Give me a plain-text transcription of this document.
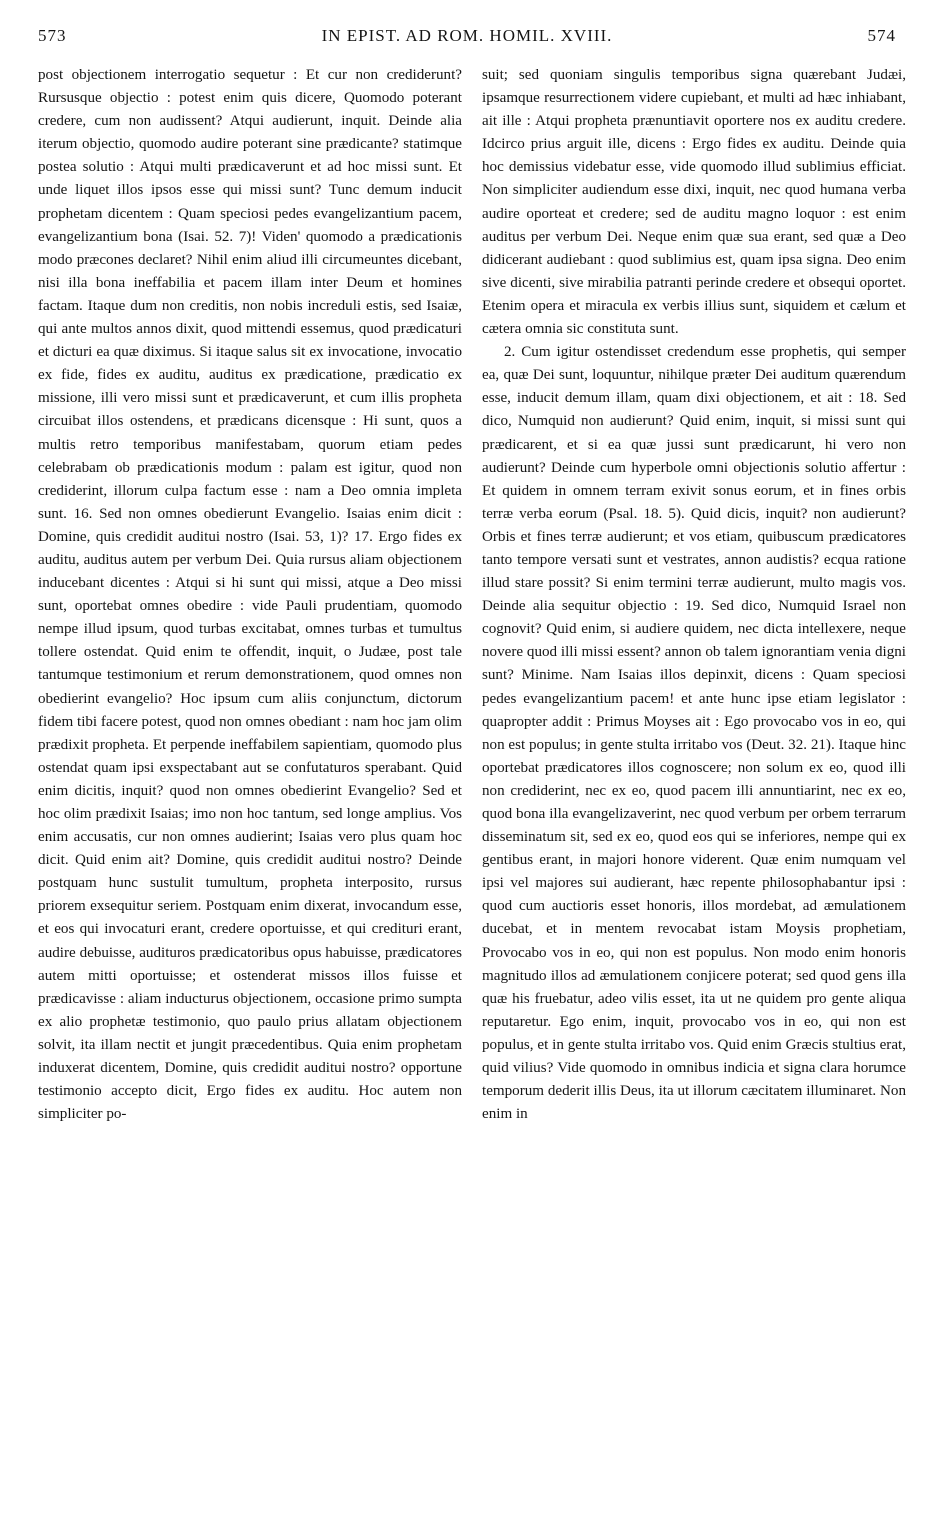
573	IN EPIST. AD ROM. HOMIL. XVIII.	574

post objectionem interrogatio sequetur : Et cur non crediderunt? Rursusque objectio : potest enim quis dicere, Quomodo poterant credere, cum non audissent? Atqui audierunt, inquit. Deinde alia iterum objectio, quomodo audire poterant sine prædicante? statimque postea solutio : Atqui multi prædicaverunt et ad hoc missi sunt. Et unde liquet illos ipsos esse qui missi sunt? Tunc demum inducit prophetam dicentem : Quam speciosi pedes evangelizantium pacem, evangelizantium bona (Isai. 52. 7)! Viden' quomodo a prædicationis modo præcones declaret? Nihil enim aliud illi circumeuntes dicebant, nisi illa bona ineffabilia et pacem illam inter Deum et homines factam. Itaque dum non creditis, non nobis increduli estis, sed Isaiæ, qui ante multos annos dixit, quod mittendi essemus, quod prædicaturi et dicturi ea quæ diximus. Si itaque salus sit ex invocatione, invocatio ex fide, fides ex auditu, auditus ex prædicatione, prædicatio ex missione, illi vero missi sunt et prædicaverunt, et cum illis propheta circuibat illos ostendens, et prædicans dicensque : Hi sunt, quos a multis retro temporibus manifestabam, quorum etiam pedes celebrabam ob prædicationis modum : palam est igitur, quod non crediderint, illorum culpa factum esse : nam a Deo omnia impleta sunt. 16. Sed non omnes obedierunt Evangelio. Isaias enim dicit : Domine, quis credidit auditui nostro (Isai. 53, 1)? 17. Ergo fides ex auditu, auditus autem per verbum Dei. Quia rursus aliam objectionem inducebant dicentes : Atqui si hi sunt qui missi, atque a Deo missi sunt, oportebat omnes obedire : vide Pauli prudentiam, quomodo nempe illud ipsum, quod turbas excitabat, omnes turbas et tumultus tollere ostendat. Quid enim te offendit, inquit, o Judæe, post tale tantumque testimonium et rerum demonstrationem, quod omnes non obedierint evangelio? Hoc ipsum cum aliis conjunctum, dictorum fidem tibi facere potest, quod non omnes obediant : nam hoc jam olim prædixit propheta. Et perpende ineffabilem sapientiam, quomodo plus ostendat quam ipsi exspectabant aut se confutaturos sperabant. Quid enim dicitis, inquit? quod non omnes obedierint Evangelio? Sed et hoc olim prædixit Isaias; imo non hoc tantum, sed longe amplius. Vos enim accusatis, cur non omnes audierint; Isaias vero plus quam hoc dicit. Quid enim ait? Domine, quis credidit auditui nostro? Deinde postquam hunc sustulit tumultum, propheta interposito, rursus priorem exsequitur seriem. Postquam enim dixerat, invocandum esse, et eos qui invocaturi erant, credere oportuisse, et qui credituri erant, audire debuisse, audituros prædicatoribus opus habuisse, prædicatores autem mitti oportuisse; et ostenderat missos illos fuisse et prædicavisse : aliam inducturus objectionem, occasione primo sumpta ex alio prophetæ testimonio, quo paulo prius allatam objectionem solvit, ita illam nectit et jungit præcedentibus. Quia enim prophetam induxerat dicentem, Domine, quis credidit auditui nostro? opportune testimonio accepto dicit, Ergo fides ex auditu. Hoc autem non simpliciter po-

suit; sed quoniam singulis temporibus signa quærebant Judæi, ipsamque resurrectionem videre cupiebant, et multi ad hæc inhiabant, ait ille : Atqui propheta prænuntiavit oportere nos ex auditu credere. Idcirco prius arguit ille, dicens : Ergo fides ex auditu. Deinde quia hoc demissius videbatur esse, vide quomodo illud sublimius efficiat. Non simpliciter audiendum esse dixi, inquit, nec quod humana verba audire oporteat et credere; sed de auditu magno loquor : est enim auditus per verbum Dei. Neque enim quæ sua erant, sed quæ a Deo didicerant audiebant : quod sublimius est, quam ipsa signa. Deo enim sive dicenti, sive mirabilia patranti perinde credere et obsequi oportet. Etenim opera et miracula ex verbis illius sunt, siquidem et cælum et cætera omnia sic constituta sunt.

2. Cum igitur ostendisset credendum esse prophetis, qui semper ea, quæ Dei sunt, loquuntur, nihilque præter Dei auditum quærendum esse, inducit demum illam, quam dixi objectionem, et ait : 18. Sed dico, Numquid non audierunt? Quid enim, inquit, si missi sunt qui prædicarent, et si ea quæ jussi sunt prædicarunt, hi vero non audierunt? Deinde cum hyperbole omni objectionis solutio affertur : Et quidem in omnem terram exivit sonus eorum, et in fines orbis terræ verba eorum (Psal. 18. 5). Quid dicis, inquit? non audierunt? Orbis et fines terræ audierunt; et vos etiam, quibuscum prædicatores tanto tempore versati sunt et vestrates, annon audistis? ecqua ratione illud stare possit? Si enim termini terræ audierunt, multo magis vos. Deinde alia sequitur objectio : 19. Sed dico, Numquid Israel non cognovit? Quid enim, si audiere quidem, nec dicta intellexere, neque novere quod illi missi essent? annon ob talem ignorantiam venia digni sunt? Minime. Nam Isaias illos depinxit, dicens : Quam speciosi pedes evangelizantium pacem! et ante hunc ipse etiam legislator : quapropter addit : Primus Moyses ait : Ego provocabo vos in eo, qui non est populus; in gente stulta irritabo vos (Deut. 32. 21). Itaque hinc oportebat prædicatores illos cognoscere; non solum ex eo, quod illi non crediderint, nec ex eo, quod pacem illi annuntiarint, nec ex eo, quod bona illa evangelizaverint, nec quod verbum per orbem terrarum disseminatum sit, sed ex eo, quod eos qui se inferiores, nempe qui ex gentibus erant, in majori honore viderent. Quæ enim numquam vel ipsi vel majores sui audierant, hæc repente philosophabantur ipsi : quod cum auctioris esset honoris, illos mordebat, ad æmulationem ducebat, et in mentem revocabat istam Moysis prophetiam, Provocabo vos in eo, qui non est populus. Non modo enim honoris magnitudo illos ad æmulationem conjicere poterat; sed quod gens illa quæ his fruebatur, adeo vilis esset, ita ut ne quidem pro gente aliqua reputaretur. Ego enim, inquit, provocabo vos in eo, qui non est populus, et in gente stulta irritabo vos. Quid enim Græcis stultius erat, quid vilius? Vide quomodo in omnibus indicia et signa clara horumce temporum dederit illis Deus, ita ut illorum cæcitatem illuminaret. Non enim in
